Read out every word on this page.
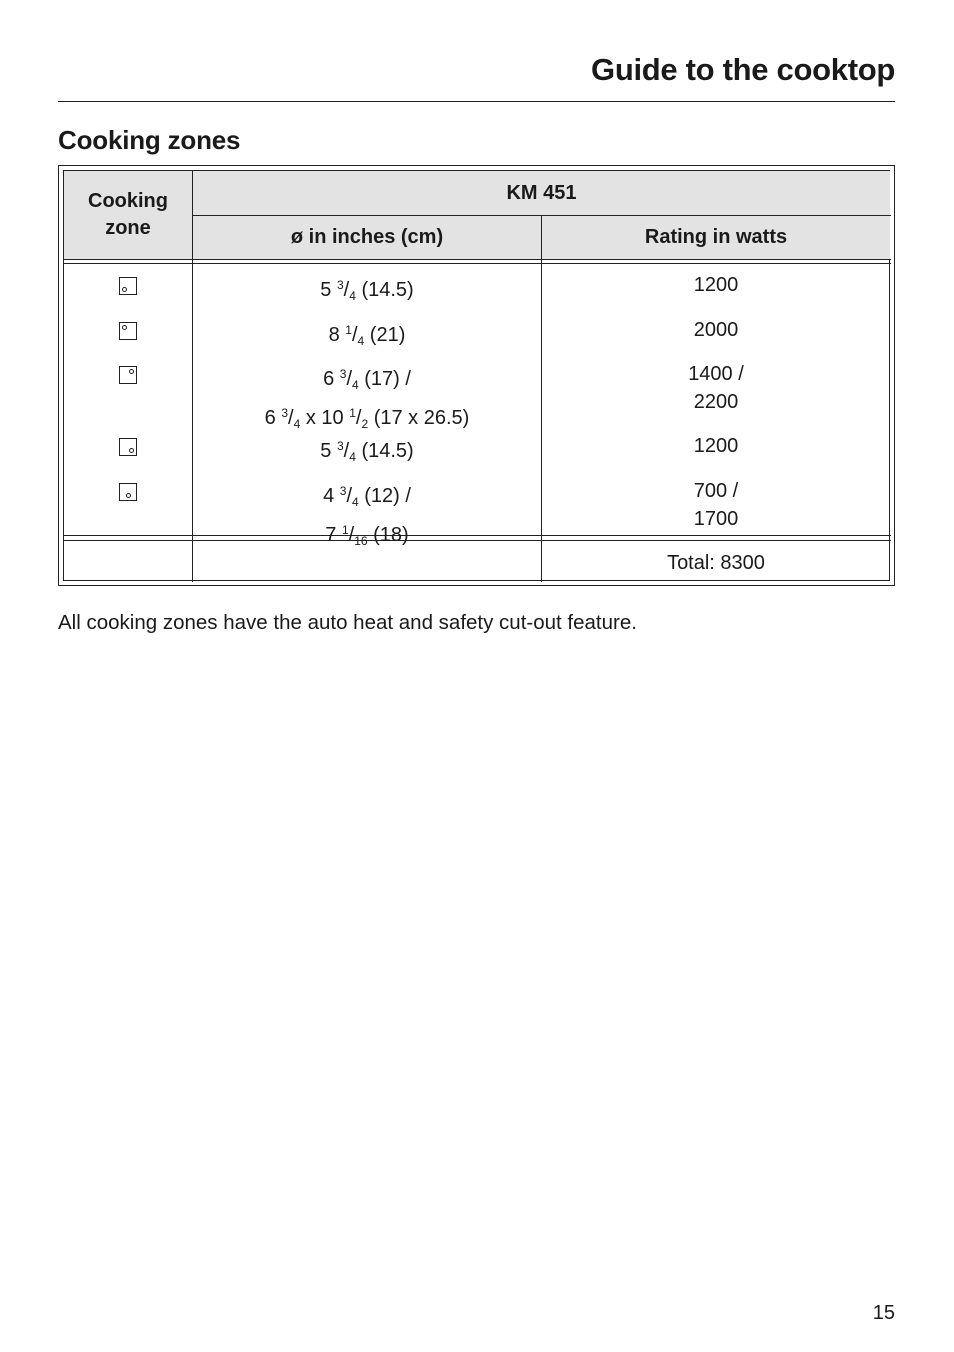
Guide to the cooktop
Cooking zones
Cooking zone
KM 451
ø in inches (cm)	Rating in watts
5 $^3/_4$ (14.5)
8 $^1/_4$ (21)
6 $^3/_4$ (17) /
6 $^3/_4$ x 10 $^1/_2$ (17 x 26.5)
5 $^3/_4$ (14.5)
4 $^3/_4$ (12) /
7 $^1/_{16}$ (18)
1200
2000
1400 /
2200
1200
700 /
1700
Total: 8300
All cooking zones have the auto heat and safety cut-out feature.
15
